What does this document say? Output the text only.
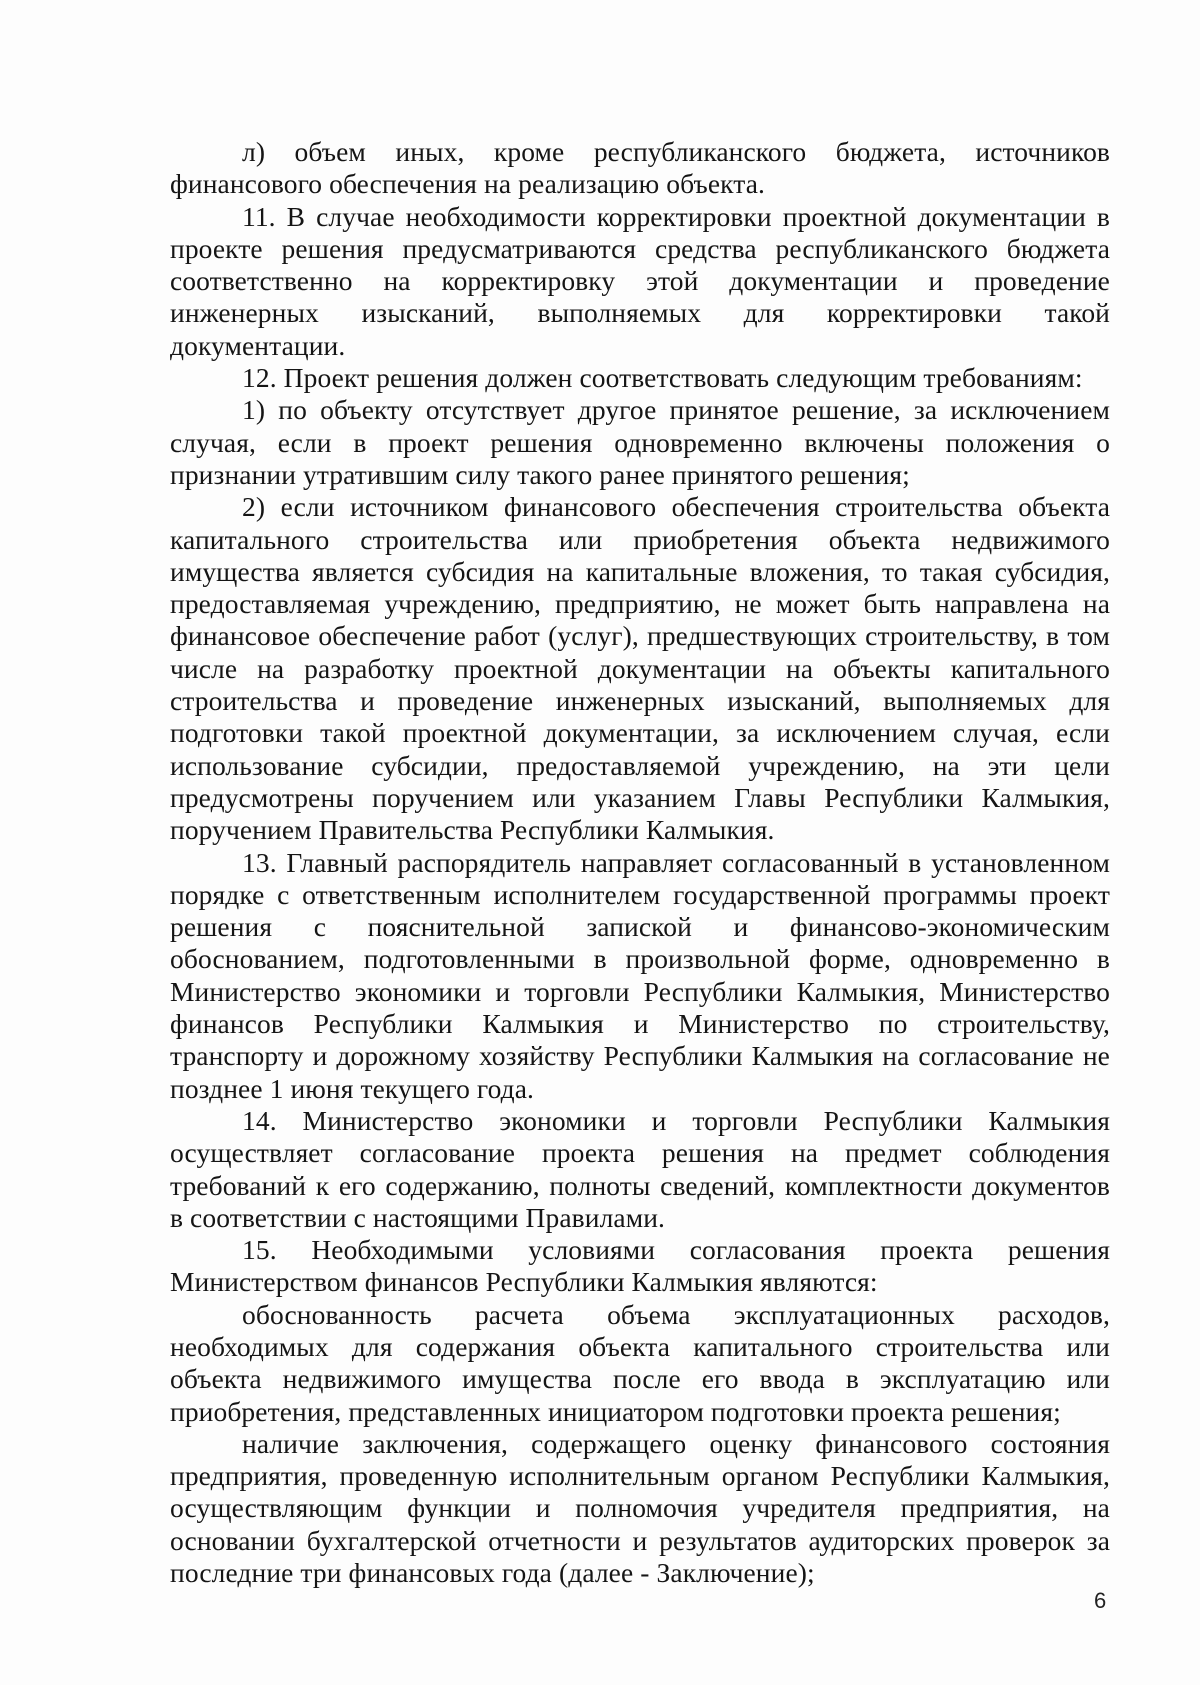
л) объем иных, кроме республиканского бюджета, источников финансового обеспечения на реализацию объекта.

11. В случае необходимости корректировки проектной документации в проекте решения предусматриваются средства республиканского бюджета соответственно на корректировку этой документации и проведение инженерных изысканий, выполняемых для корректировки такой документации.

12. Проект решения должен соответствовать следующим требованиям:

1) по объекту отсутствует другое принятое решение, за исключением случая, если в проект решения одновременно включены положения о признании утратившим силу такого ранее принятого решения;

2) если источником финансового обеспечения строительства объекта капитального строительства или приобретения объекта недвижимого имущества является субсидия на капитальные вложения, то такая субсидия, предоставляемая учреждению, предприятию, не может быть направлена на финансовое обеспечение работ (услуг), предшествующих строительству, в том числе на разработку проектной документации на объекты капитального строительства и проведение инженерных изысканий, выполняемых для подготовки такой проектной документации, за исключением случая, если использование субсидии, предоставляемой учреждению, на эти цели предусмотрены поручением или указанием Главы Республики Калмыкия, поручением Правительства Республики Калмыкия.

13. Главный распорядитель направляет согласованный в установленном порядке с ответственным исполнителем государственной программы проект решения с пояснительной запиской и финансово-экономическим обоснованием, подготовленными в произвольной форме, одновременно в Министерство экономики и торговли Республики Калмыкия, Министерство финансов Республики Калмыкия и Министерство по строительству, транспорту и дорожному хозяйству Республики Калмыкия на согласование не позднее 1 июня текущего года.

14. Министерство экономики и торговли Республики Калмыкия осуществляет согласование проекта решения на предмет соблюдения требований к его содержанию, полноты сведений, комплектности документов в соответствии с настоящими Правилами.

15. Необходимыми условиями согласования проекта решения Министерством финансов Республики Калмыкия являются:

обоснованность расчета объема эксплуатационных расходов, необходимых для содержания объекта капитального строительства или объекта недвижимого имущества после его ввода в эксплуатацию или приобретения, представленных инициатором подготовки проекта решения;

наличие заключения, содержащего оценку финансового состояния предприятия, проведенную исполнительным органом Республики Калмыкия, осуществляющим функции и полномочия учредителя предприятия, на основании бухгалтерской отчетности и результатов аудиторских проверок за последние три финансовых года (далее - Заключение);

6
